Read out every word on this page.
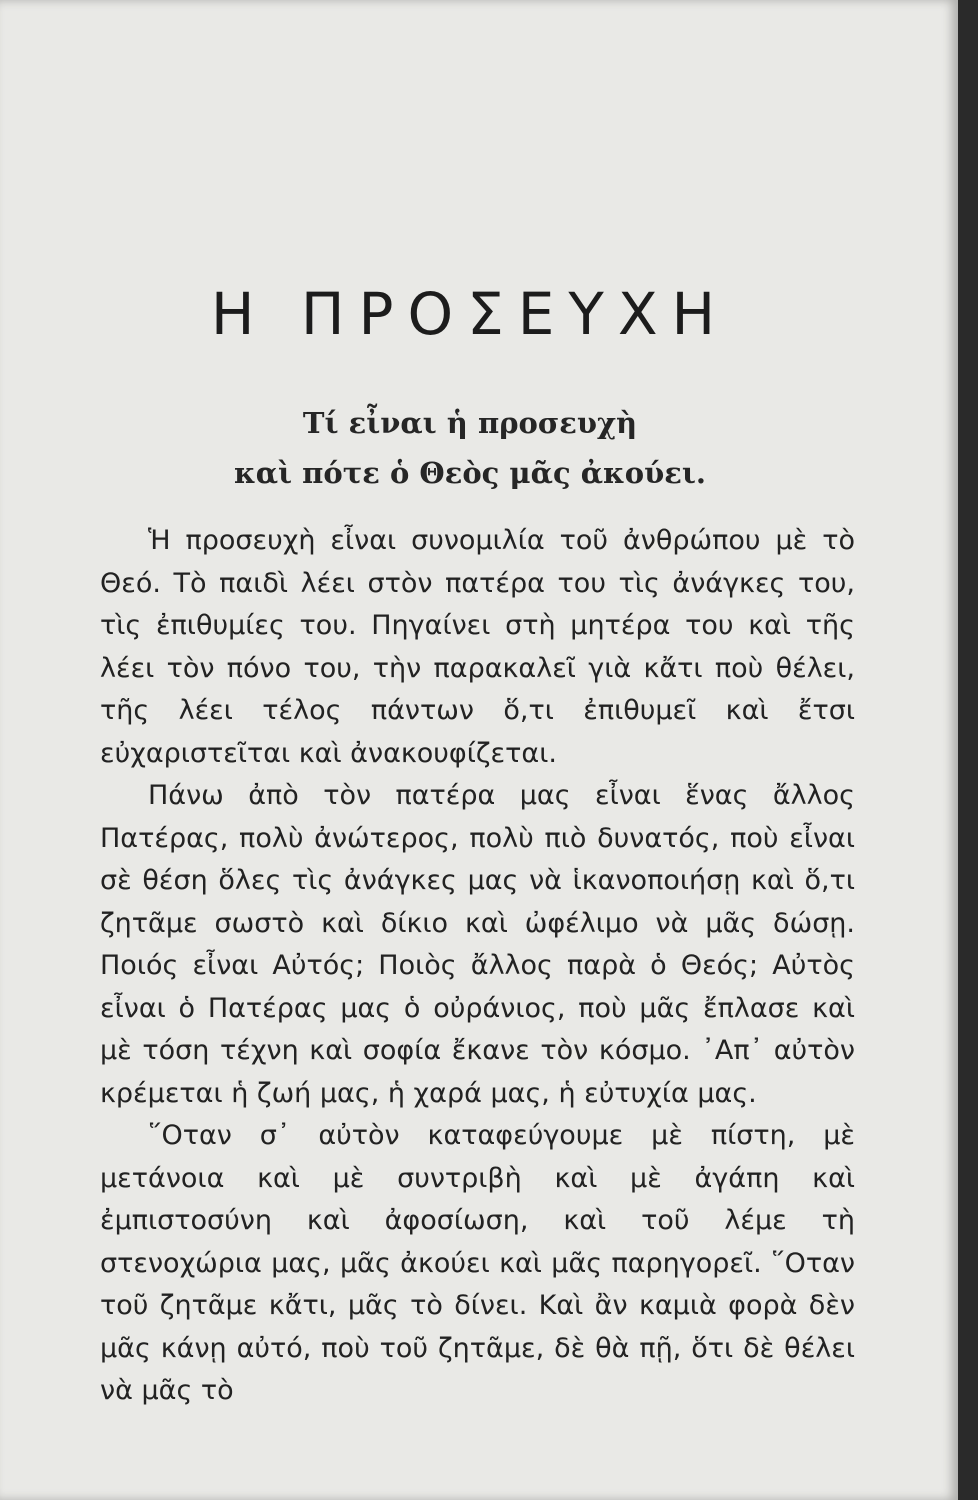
Η ΠΡΟΣΕΥΧΗ
Τί εἶναι ἡ προσευχὴ
καὶ πότε ὁ Θεὸς μᾶς ἀκούει.

Ἡ προσευχὴ εἶναι συνομιλία τοῦ ἀνθρώπου μὲ τὸ Θεό. Τὸ παιδὶ λέει στὸν πατέρα του τὶς ἀνάγκες του, τὶς ἐπιθυμίες του. Πηγαίνει στὴ μητέρα του καὶ τῆς λέει τὸν πόνο του, τὴν παρακαλεῖ γιὰ κἄτι ποὺ θέλει, τῆς λέει τέλος πάντων ὅ,τι ἐπιθυμεῖ καὶ ἔτσι εὐχαριστεῖται καὶ ἀνακουφίζεται.

Πάνω ἀπὸ τὸν πατέρα μας εἶναι ἕνας ἄλλος Πατέρας, πολὺ ἀνώτερος, πολὺ πιὸ δυνατός, ποὺ εἶναι σὲ θέση ὅλες τὶς ἀνάγκες μας νὰ ἱκανοποιήσῃ καὶ ὅ,τι ζητᾶμε σωστὸ καὶ δίκιο καὶ ὠφέλιμο νὰ μᾶς δώσῃ. Ποιός εἶναι Αὐτός; Ποιὸς ἄλλος παρὰ ὁ Θεός; Αὐτὸς εἶναι ὁ Πατέρας μας ὁ οὐράνιος, ποὺ μᾶς ἔπλασε καὶ μὲ τόση τέχνη καὶ σοφία ἔκανε τὸν κόσμο. ᾽Απ᾽ αὐτὸν κρέμεται ἡ ζωή μας, ἡ χαρά μας, ἡ εὐτυχία μας.

῞Οταν σ᾽ αὐτὸν καταφεύγουμε μὲ πίστη, μὲ μετάνοια καὶ μὲ συντριβὴ καὶ μὲ ἀγάπη καὶ ἐμπιστοσύνη καὶ ἀφοσίωση, καὶ τοῦ λέμε τὴ στενοχώρια μας, μᾶς ἀκούει καὶ μᾶς παρηγορεῖ. ῞Οταν τοῦ ζητᾶμε κἄτι, μᾶς τὸ δίνει. Καὶ ἂν καμιὰ φορὰ δὲν μᾶς κάνῃ αὐτό, ποὺ τοῦ ζητᾶμε, δὲ θὰ πῇ, ὅτι δὲ θέλει νὰ μᾶς τὸ
